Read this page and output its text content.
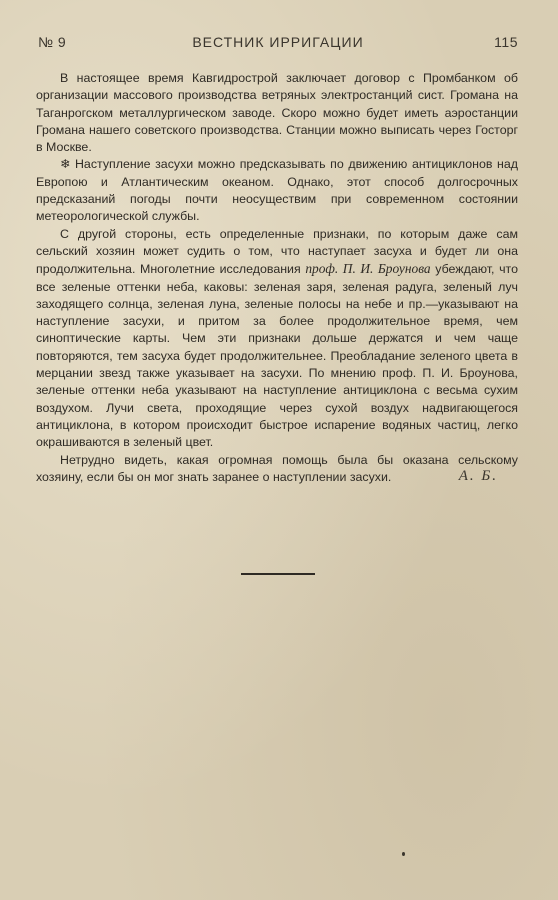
№ 9	ВЕСТНИК ИРРИГАЦИИ	115

В настоящее время Кавгидрострой заключает договор с Промбанком об организации массового производства ветряных электростанций сист. Громана на Таганрогском металлургическом заводе. Скоро можно будет иметь аэростанции Громана нашего советского производства. Станции можно выписать через Госторг в Москве.

❄ Наступление засухи можно предсказывать по движению антициклонов над Европою и Атлантическим океаном. Однако, этот способ долгосрочных предсказаний погоды почти неосуществим при современном состоянии метеорологической службы.

С другой стороны, есть определенные признаки, по которым даже сам сельский хозяин может судить о том, что наступает засуха и будет ли она продолжительна. Многолетние исследования проф. П. И. Броунова убеждают, что все зеленые оттенки неба, каковы: зеленая заря, зеленая радуга, зеленый луч заходящего солнца, зеленая луна, зеленые полосы на небе и пр.—указывают на наступление засухи, и притом за более продолжительное время, чем синоптические карты. Чем эти признаки дольше держатся и чем чаще повторяются, тем засуха будет продолжительнее. Преобладание зеленого цвета в мерцании звезд также указывает на засухи. По мнению проф. П. И. Броунова, зеленые оттенки неба указывают на наступление антициклона с весьма сухим воздухом. Лучи света, проходящие через сухой воздух надвигающегося антициклона, в котором происходит быстрое испарение водяных частиц, легко окрашиваются в зеленый цвет.

Нетрудно видеть, какая огромная помощь была бы оказана сельскому хозяину, если бы он мог знать заранее о наступлении засухи.	А. Б.
